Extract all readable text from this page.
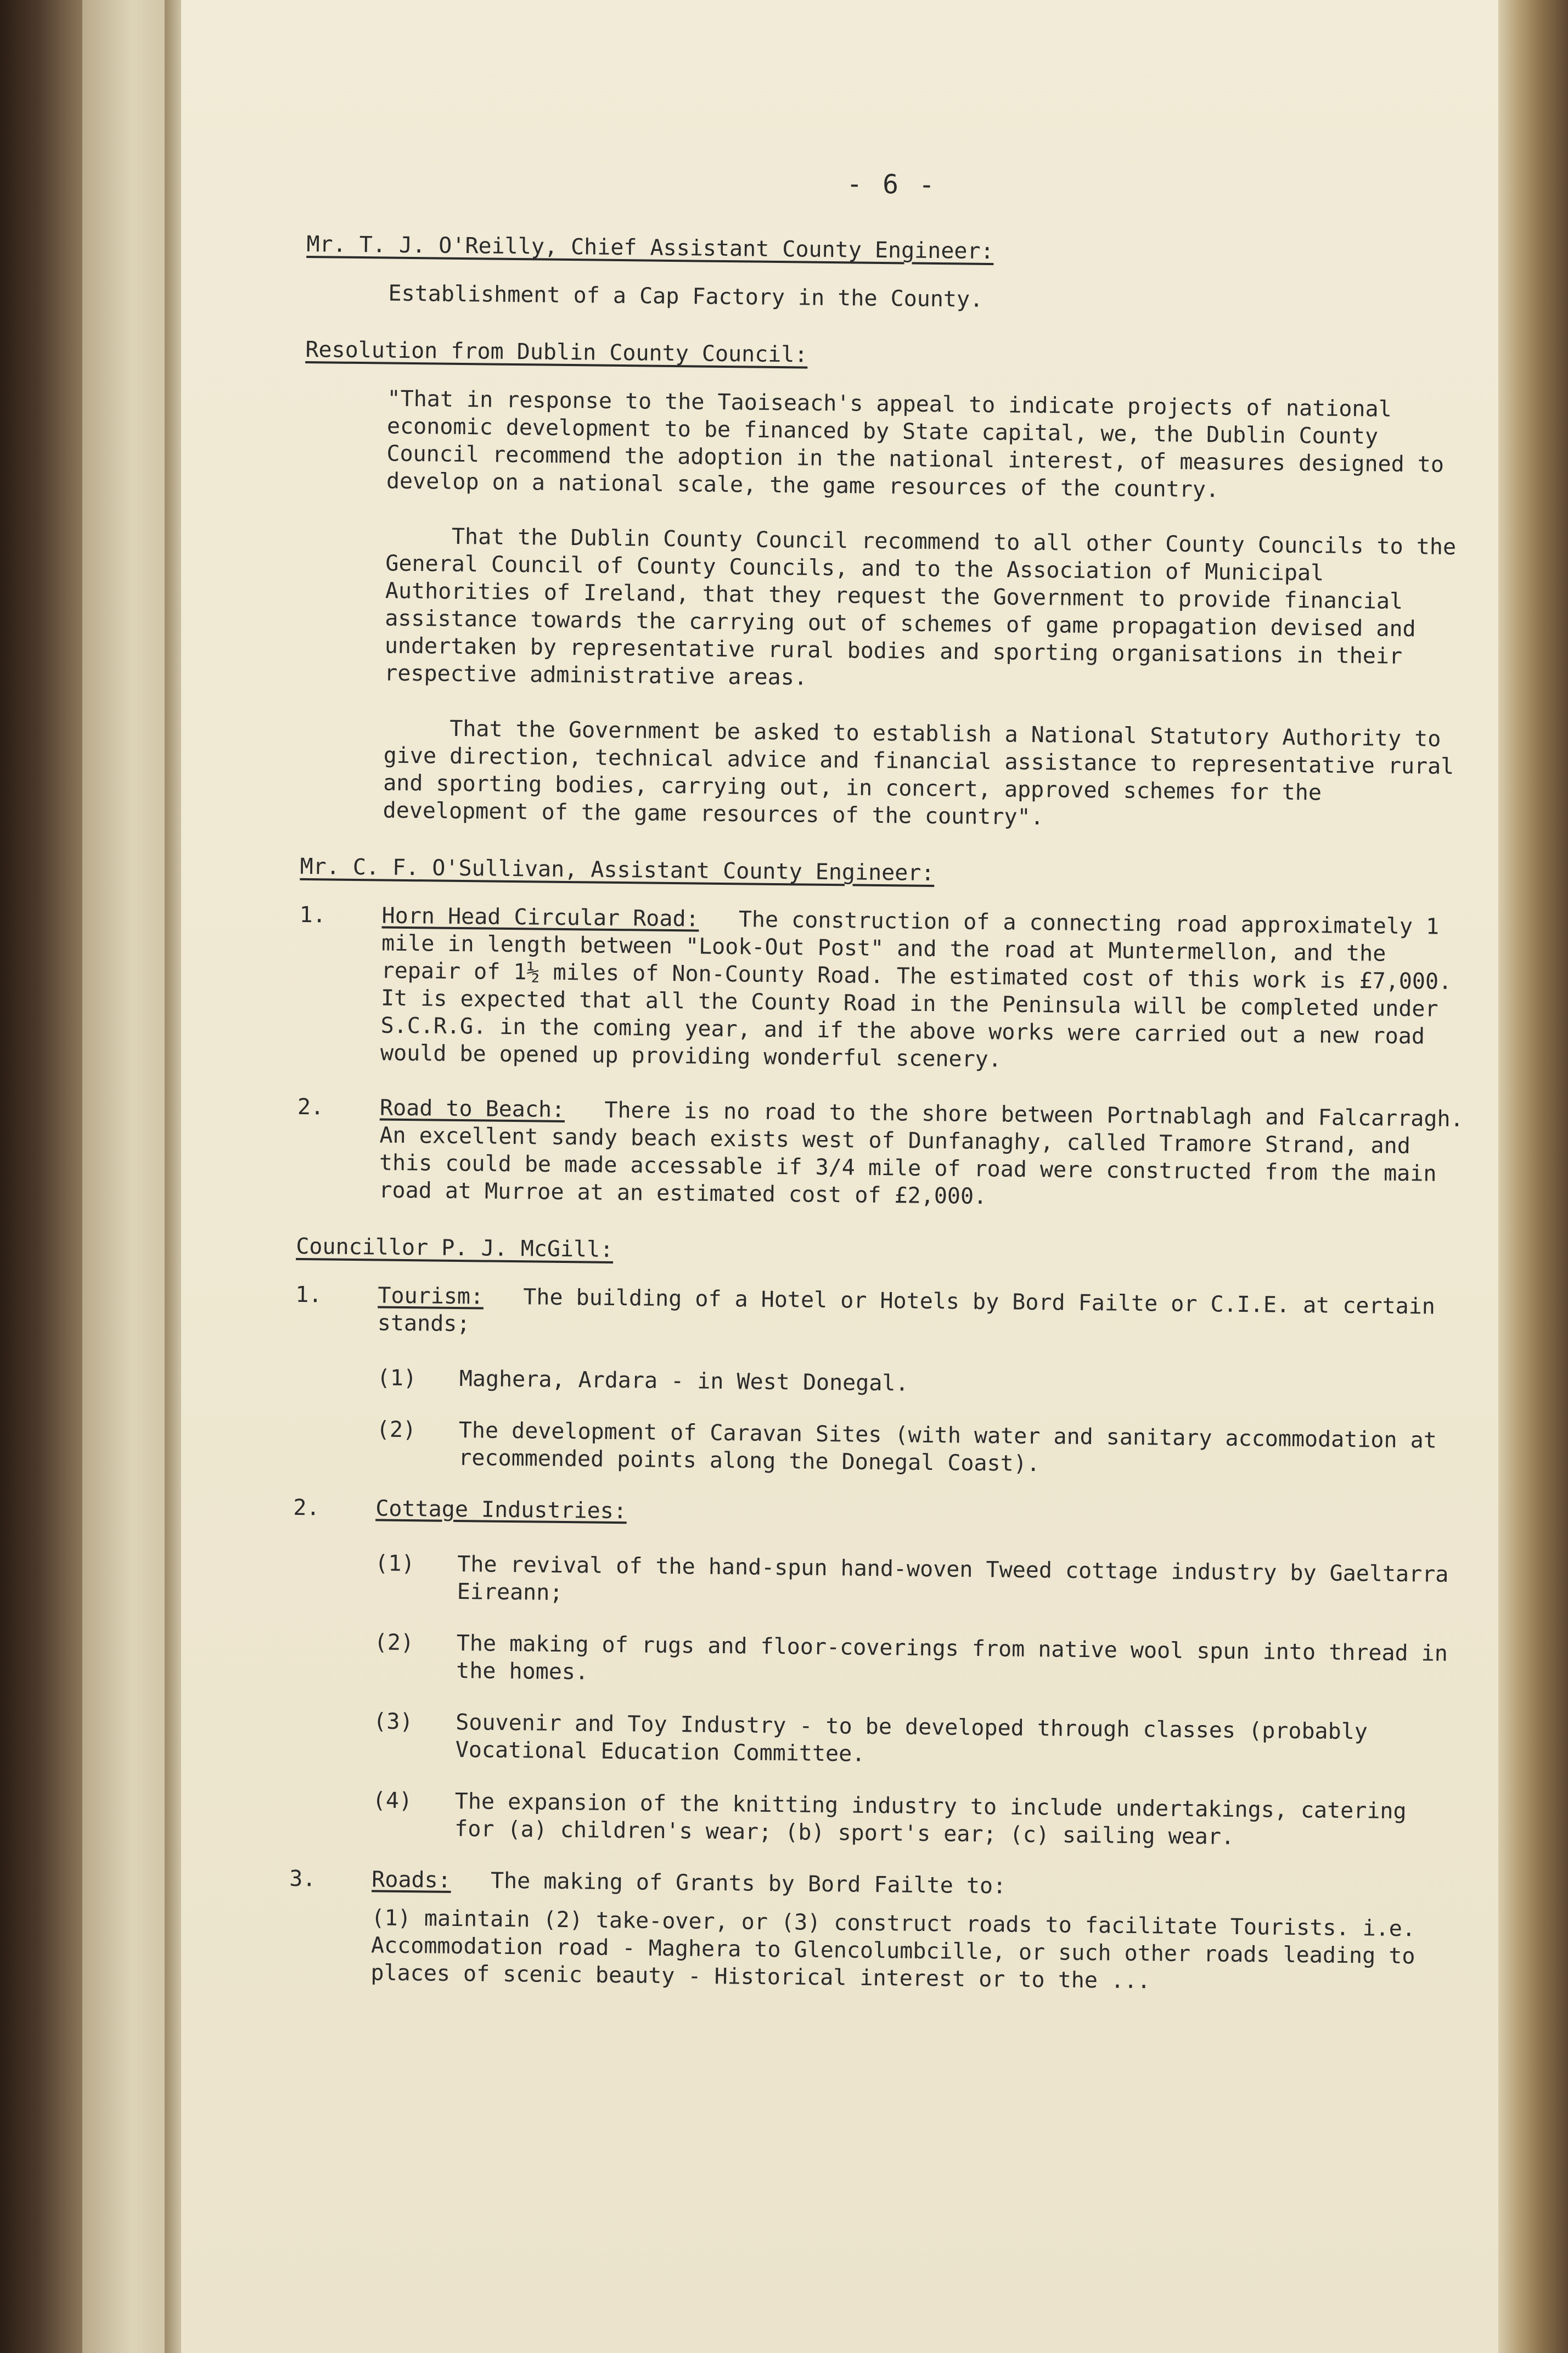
- 6 -

Mr. T. J. O'Reilly, Chief Assistant County Engineer:

Establishment of a Cap Factory in the County.

Resolution from Dublin County Council:

"That in response to the Taoiseach's appeal to indicate projects of national economic development to be financed by State capital, we, the Dublin County Council recommend the adoption in the national interest, of measures designed to develop on a national scale, the game resources of the country.

That the Dublin County Council recommend to all other County Councils to the General Council of County Councils, and to the Association of Municipal Authorities of Ireland, that they request the Government to provide financial assistance towards the carrying out of schemes of game propagation devised and undertaken by representative rural bodies and sporting organisations in their respective administrative areas.

That the Government be asked to establish a National Statutory Authority to give direction, technical advice and financial assistance to representative rural and sporting bodies, carrying out, in concert, approved schemes for the development of the game resources of the country".

Mr. C. F. O'Sullivan, Assistant County Engineer:

1.	Horn Head Circular Road: The construction of a connecting road approximately 1 mile in length between "Look-Out Post" and the road at Muntermellon, and the repair of 1½ miles of Non-County Road. The estimated cost of this work is £7,000. It is expected that all the County Road in the Peninsula will be completed under S.C.R.G. in the coming year, and if the above works were carried out a new road would be opened up providing wonderful scenery.
2.	Road to Beach: There is no road to the shore between Portnablagh and Falcarragh. An excellent sandy beach exists west of Dunfanaghy, called Tramore Strand, and this could be made accessable if 3/4 mile of road were constructed from the main road at Murroe at an estimated cost of £2,000.

Councillor P. J. McGill:

1.	Tourism: The building of a Hotel or Hotels by Bord Failte or C.I.E. at certain stands;
(1)	Maghera, Ardara - in West Donegal.
(2)	The development of Caravan Sites (with water and sanitary accommodation at recommended points along the Donegal Coast).
2.	Cottage Industries:
(1)	The revival of the hand-spun hand-woven Tweed cottage industry by Gaeltarra Eireann;
(2)	The making of rugs and floor-coverings from native wool spun into thread in the homes.
(3)	Souvenir and Toy Industry - to be developed through classes (probably Vocational Education Committee.
(4)	The expansion of the knitting industry to include undertakings, catering for (a) children's wear; (b) sport's ear; (c) sailing wear.
3.	Roads: The making of Grants by Bord Failte to:

(1) maintain (2) take-over, or (3) construct roads to facilitate Tourists. i.e. Accommodation road - Maghera to Glencolumbcille, or such other roads leading to places of scenic beauty - Historical interest or to the ...
